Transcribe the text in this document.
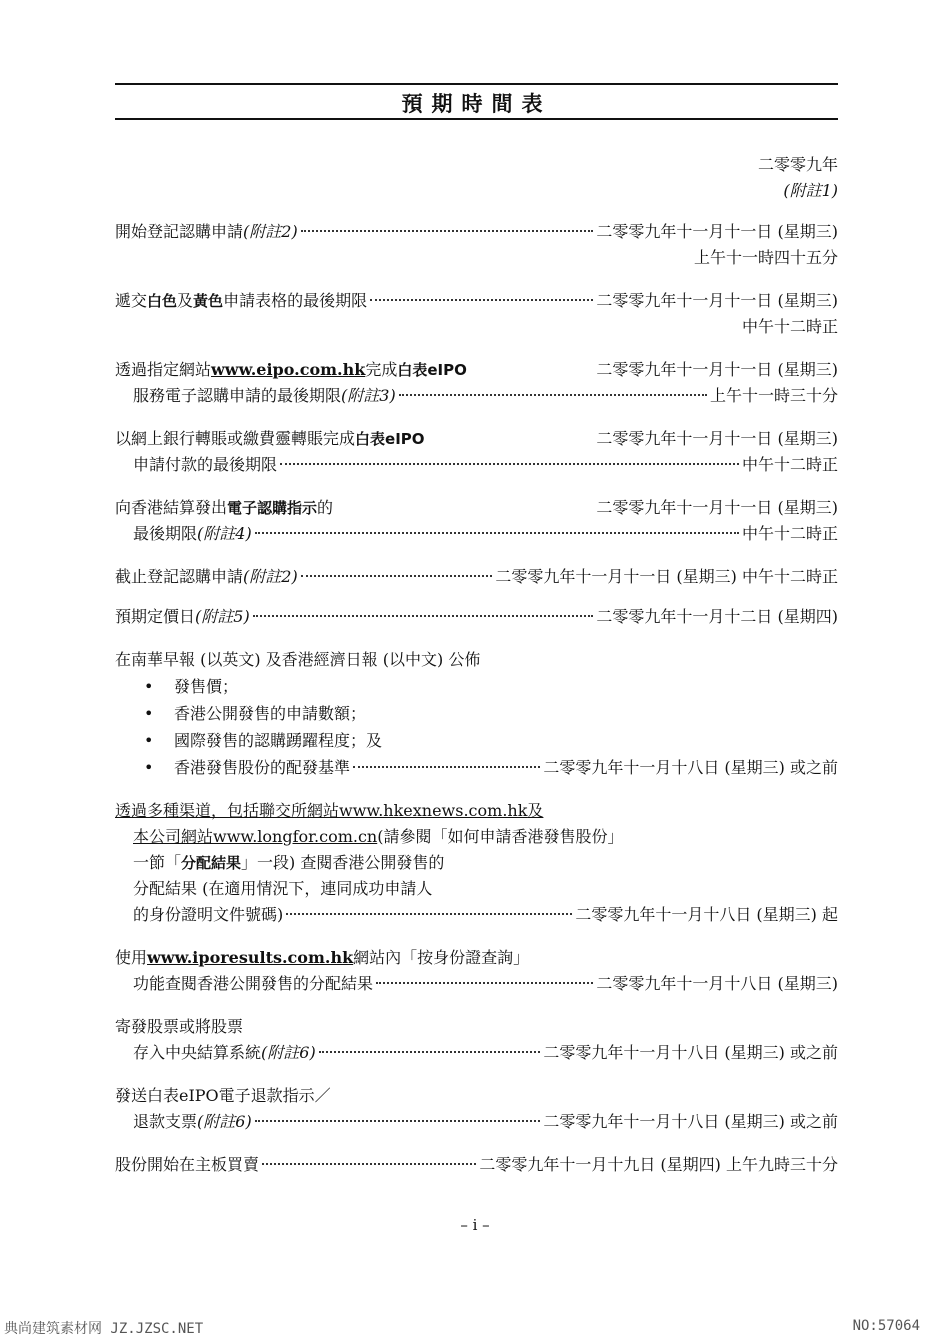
預期時間表
二零零九年
(附註1)
開始登記認購申請 (附註2)	二零零九年十一月十一日 (星期三)
上午十一時四十五分
遞交 白色 及 黃色 申請表格的最後期限	二零零九年十一月十一日 (星期三)
中午十二時正
透過指定網站www.eipo.com.hk完成白表eIPO	二零零九年十一月十一日 (星期三)
服務電子認購申請的最後期限 (附註3)	上午十一時三十分
以網上銀行轉賬或繳費靈轉賬完成白表eIPO	二零零九年十一月十一日 (星期三)
申請付款的最後期限	中午十二時正
向香港結算發出電子認購指示的	二零零九年十一月十一日 (星期三)
最後期限 (附註4)	中午十二時正
截止登記認購申請 (附註2)	二零零九年十一月十一日 (星期三) 中午十二時正
預期定價日 (附註5)	二零零九年十一月十二日 (星期四)
在南華早報 (以英文) 及香港經濟日報 (以中文) 公佈
• 發售價；
• 香港公開發售的申請數額；
• 國際發售的認購踴躍程度；及
• 香港發售股份的配發基準	二零零九年十一月十八日 (星期三) 或之前
透過多種渠道，包括聯交所網站www.hkexnews.com.hk及
本公司網站www.longfor.com.cn(請參閱「如何申請香港發售股份」
一節「分配結果」一段) 查閱香港公開發售的
分配結果 (在適用情況下，連同成功申請人
的身份證明文件號碼)	二零零九年十一月十八日 (星期三) 起
使用www.iporesults.com.hk網站內「按身份證查詢」
功能查閱香港公開發售的分配結果	二零零九年十一月十八日 (星期三)
寄發股票或將股票
存入中央結算系統 (附註6)	二零零九年十一月十八日 (星期三) 或之前
發送白表eIPO電子退款指示／
退款支票 (附註6)	二零零九年十一月十八日 (星期三) 或之前
股份開始在主板買賣	二零零九年十一月十九日 (星期四) 上午九時三十分
– i –
典尚建筑素材网 JZ.JZSC.NET	NO:57064
